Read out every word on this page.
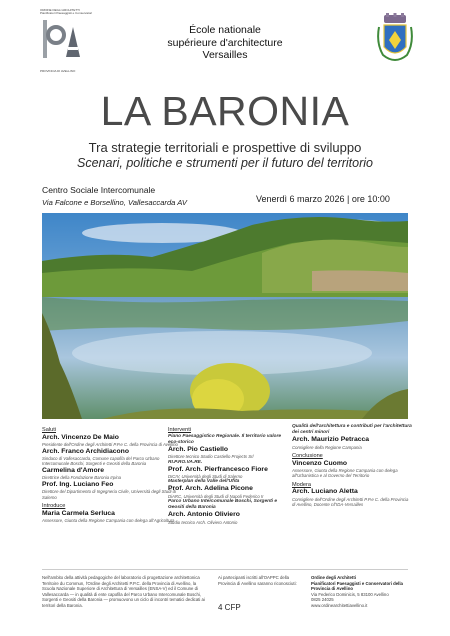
ORDINE DEGLI ARCHITETTI
Pianificatori Paesaggisti e Conservatori
PROVINCIA DI AVELLINO
École nationale
supérieure d'architecture
Versailles
LA BARONIA
Tra strategie territoriali e prospettive di sviluppo
Scenari, politiche e strumenti per il futuro del territorio
Centro Sociale Intercomunale
Via Falcone e Borsellino, Vallesaccarda AV	Venerdì 6 marzo 2026 | ore 10:00
Saluti
Arch. Vincenzo De Maio
Presidente dell'Ordine degli Architetti P.P.e C. della Provincia di Avellino
Arch. Franco Archidiacono
Sindaco di Vallesaccarda, Comune capofila del Parco Urbano Intercomunale Boschi, Sorgenti e Geositi della Baronia
Carmelina d'Amore
Direttrice della Fondazione Baronia Irpina
Prof. Ing. Luciano Feo
Direttore del Dipartimento di Ingegneria Civile, Università degli Studi di Salerno
Introduce
Maria Carmela Serluca
Assessore, Giunta della Regione Campania con delega all'Agricoltura
Interventi
Piano Paesaggistico Regionale. Il territorio valore eco-storico
Arch. Pio Castiello
Direttore tecnico Studio Castiello Projects Srl
RI.P.RO.VA.RE.
Prof. Arch. Pierfrancesco Fiore
DICIV, Università degli Studi di Salerno
Masterplan della Valle dell'Ufita
Prof. Arch. Adelina Picone
DiARC, Università degli Studi di Napoli Federico II
Parco Urbano Intercomunale Boschi, Sorgenti e Geositi della Baronia
Arch. Antonio Oliviero
Studio tecnico Arch. Oliviero Antonio
Qualità dell'architettura e contributi per l'architettura dei centri minori
Arch. Maurizio Petracca
Consigliere della Regione Campania
Conclusione
Vincenzo Cuomo
Assessore, Giunta della Regione Campania con delega all'Urbanistica e al Governo del Territorio
Modera
Arch. Luciano Aletta
Consigliere dell'Ordine degli Architetti P.P.e C. della Provincia di Avellino, Docente c/l'IDA-Versailles
Nell'ambito della attività pedagogiche del laboratorio di progettazione architettonica Territoire du Commun, l'Ordine degli Architetti P.P.C. della Provincia di Avellino, la Scuola Nazionale Superiore di Architettura di Versailles (ENSA-V) ed il Comune di Vallesaccarda — in qualità di ente capofila del Parco Urbano Intercomunale Boschi, Sorgenti e Geositi della Baronia — promuovono un ciclo di incontri tematici dedicati ai territori della Baronia.
Ai partecipanti iscritti all'OAPPC della Provincia di Avellino saranno riconosciuti:
4 CFP
Ordine degli Architetti
Pianificatori Paesaggisti e Conservatori della Provincia di Avellino
Via Federico Dominicis, 5 83100 Avellino
0825 24025
www.ordinearchitettiavellino.it
